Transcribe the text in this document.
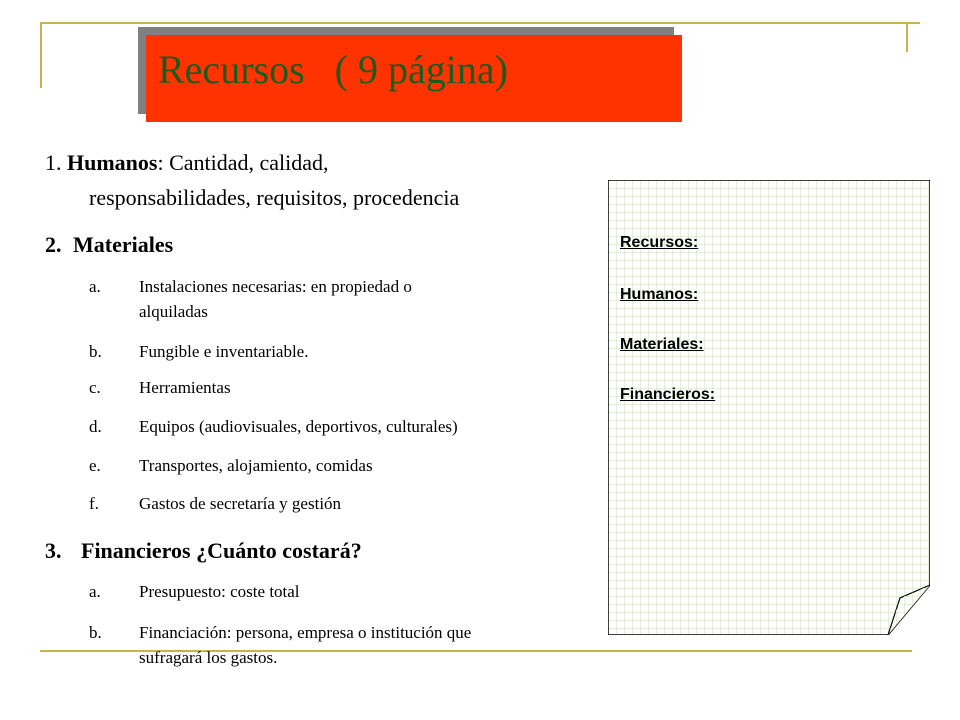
Recursos   ( 9 página)
1. Humanos: Cantidad, calidad,
responsabilidades, requisitos, procedencia
2. Materiales
a. Instalaciones necesarias: en propiedad o
alquiladas
b. Fungible e inventariable.
c. Herramientas
d. Equipos (audiovisuales, deportivos, culturales)
e. Transportes, alojamiento, comidas
f. Gastos de secretaría y gestión
3. Financieros ¿Cuánto costará?
a. Presupuesto: coste total
b. Financiación: persona, empresa o institución que
sufragará los gastos.
Recursos:
Humanos:
Materiales:
Financieros:
